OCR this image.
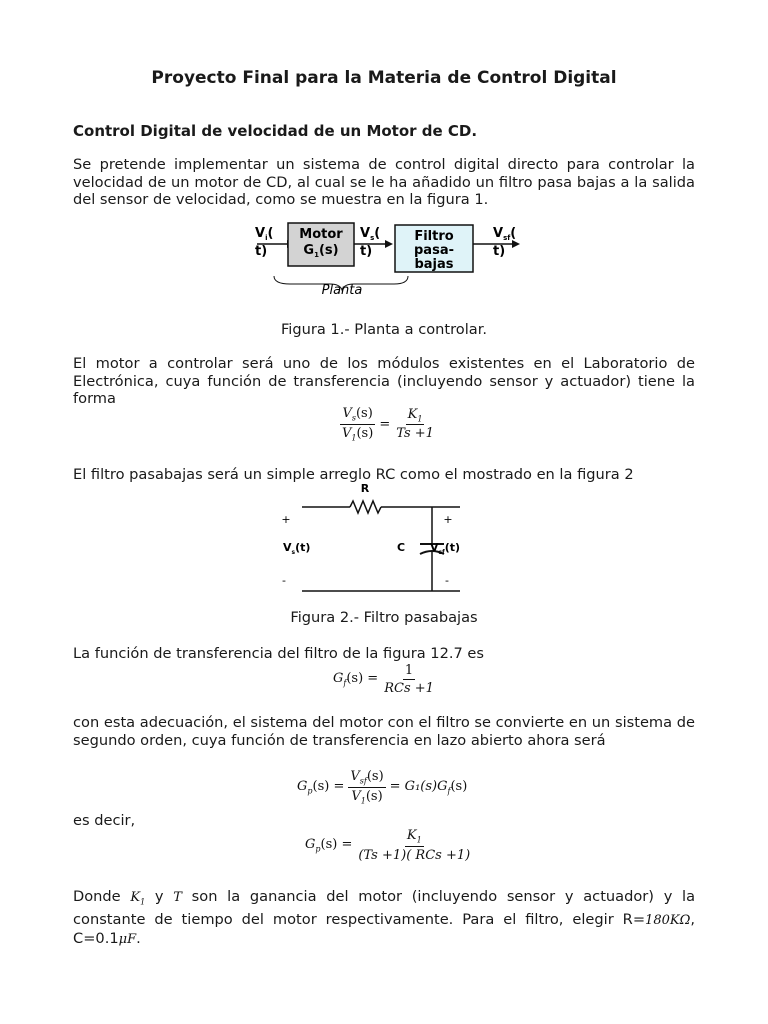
Proyecto Final para la Materia de Control Digital
Control Digital de velocidad de un Motor de CD.
Se pretende implementar un sistema de control digital directo para controlar la velocidad de un motor de CD, al cual se le ha añadido un filtro pasa bajas a la salida del sensor de velocidad, como se muestra en la figura 1.
Motor
$G_1(s)$
Filtro
pasa-
bajas
$V_i$(
t)
$V_s$(
t)
$V_{sf}$(
t)
Planta
Figura 1.- Planta a controlar.
El motor a controlar será uno de los módulos existentes en el Laboratorio de Electrónica, cuya función de transferencia (incluyendo sensor y actuador) tiene la forma
$\frac{V_s(s)}{V_1(s)} = \frac{K_1}{Ts +1}$
El filtro pasabajas será un simple arreglo RC como el mostrado en la figura 2
R
C
+	+
-	-
$V_s(t)$	$V_{sf}(t)$
Figura 2.- Filtro pasabajas
La función de transferencia del filtro de la figura 12.7 es
$G_f(s) = \frac{1}{\text{RCs +1}}$
con esta adecuación, el sistema del motor con el filtro se convierte en un sistema de segundo orden, cuya función de transferencia en lazo abierto ahora será
$G_p(s) = \frac{V_{sf}(s)}{V_1(s)} = G_1(s)G_f(s)$
es decir,
$G_p(s) = \frac{K_1}{\text{(Ts +1)( RCs +1)}}$
Donde $K_1$ y T son la ganancia del motor (incluyendo sensor y actuador) y la constante de tiempo del motor respectivamente. Para el filtro, elegir R=180KΩ, C=0.1μF.
